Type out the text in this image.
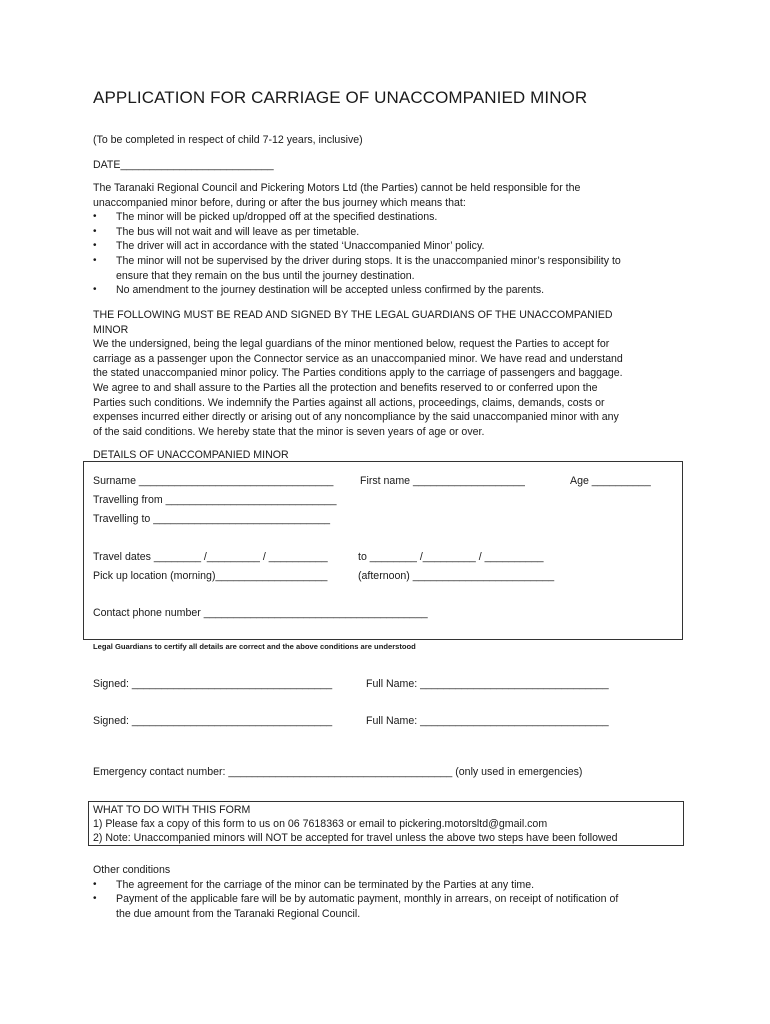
APPLICATION FOR CARRIAGE OF UNACCOMPANIED MINOR
(To be completed in respect of child 7-12 years, inclusive)
DATE__________________________

The Taranaki Regional Council and Pickering Motors Ltd (the Parties) cannot be held responsible for the

unaccompanied minor before, during or after the bus journey which means that:

• The minor will be picked up/dropped off at the specified destinations.
• The bus will not wait and will leave as per timetable.
• The driver will act in accordance with the stated ‘Unaccompanied Minor’ policy.
• The minor will not be supervised by the driver during stops. It is the unaccompanied minor’s responsibility to
ensure that they remain on the bus until the journey destination.
• No amendment to the journey destination will be accepted unless confirmed by the parents.

THE FOLLOWING MUST BE READ AND SIGNED BY THE LEGAL GUARDIANS OF THE UNACCOMPANIED

MINOR

We the undersigned, being the legal guardians of the minor mentioned below, request the Parties to accept for

carriage as a passenger upon the Connector service as an unaccompanied minor. We have read and understand

the stated unaccompanied minor policy. The Parties conditions apply to the carriage of passengers and baggage.

We agree to and shall assure to the Parties all the protection and benefits reserved to or conferred upon the

Parties such conditions. We indemnify the Parties against all actions, proceedings, claims, demands, costs or

expenses incurred either directly or arising out of any noncompliance by the said unaccompanied minor with any

of the said conditions. We hereby state that the minor is seven years of age or over.

DETAILS OF UNACCOMPANIED MINOR
Surname _________________________________	First name ___________________	Age __________
Travelling from _____________________________
Travelling to ______________________________
Travel dates ________ /_________ / __________	to ________ /_________ / __________
Pick up location (morning)___________________	(afternoon) ________________________
Contact phone number ______________________________________
Legal Guardians to certify all details are correct and the above conditions are understood
Signed: __________________________________	Full Name: ________________________________
Signed: __________________________________	Full Name: ________________________________
Emergency contact number: ______________________________________ (only used in emergencies)
WHAT TO DO WITH THIS FORM
1) Please fax a copy of this form to us on 06 7618363 or email to pickering.motorsltd@gmail.com
2) Note: Unaccompanied minors will NOT be accepted for travel unless the above two steps have been followed

Other conditions

• The agreement for the carriage of the minor can be terminated by the Parties at any time.
• Payment of the applicable fare will be by automatic payment, monthly in arrears, on receipt of notification of
the due amount from the Taranaki Regional Council.
